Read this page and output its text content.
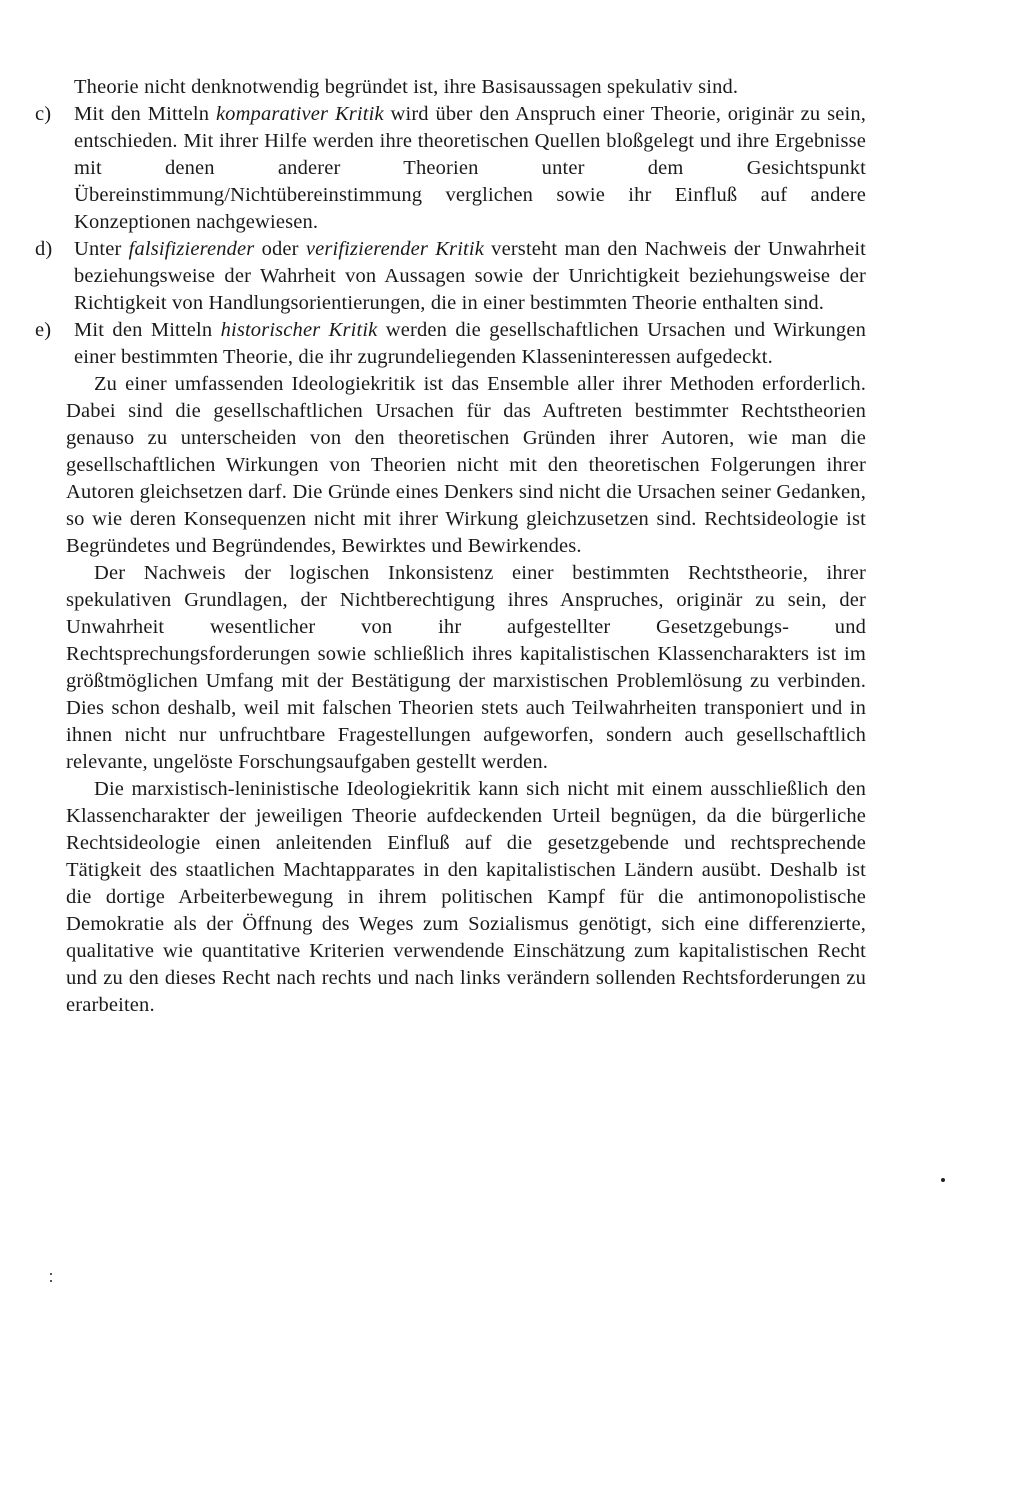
Theorie nicht denknotwendig begründet ist, ihre Basisaussagen spekulativ sind.

c) Mit den Mitteln komparativer Kritik wird über den Anspruch einer Theorie, originär zu sein, entschieden. Mit ihrer Hilfe werden ihre theoretischen Quellen bloßgelegt und ihre Ergebnisse mit denen anderer Theorien unter dem Gesichtspunkt Übereinstimmung/Nichtübereinstimmung verglichen sowie ihr Einfluß auf andere Konzeptionen nachgewiesen.

d) Unter falsifizierender oder verifizierender Kritik versteht man den Nachweis der Unwahrheit beziehungsweise der Wahrheit von Aussagen sowie der Unrichtigkeit beziehungsweise der Richtigkeit von Handlungsorientierungen, die in einer bestimmten Theorie enthalten sind.

e) Mit den Mitteln historischer Kritik werden die gesellschaftlichen Ursachen und Wirkungen einer bestimmten Theorie, die ihr zugrundeliegenden Klasseninteressen aufgedeckt.

Zu einer umfassenden Ideologiekritik ist das Ensemble aller ihrer Methoden erforderlich. Dabei sind die gesellschaftlichen Ursachen für das Auftreten bestimmter Rechtstheorien genauso zu unterscheiden von den theoretischen Gründen ihrer Autoren, wie man die gesellschaftlichen Wirkungen von Theorien nicht mit den theoretischen Folgerungen ihrer Autoren gleichsetzen darf. Die Gründe eines Denkers sind nicht die Ursachen seiner Gedanken, so wie deren Konsequenzen nicht mit ihrer Wirkung gleichzusetzen sind. Rechtsideologie ist Begründetes und Begründendes, Bewirktes und Bewirkendes.

Der Nachweis der logischen Inkonsistenz einer bestimmten Rechtstheorie, ihrer spekulativen Grundlagen, der Nichtberechtigung ihres Anspruches, originär zu sein, der Unwahrheit wesentlicher von ihr aufgestellter Gesetzgebungs- und Rechtsprechungsforderungen sowie schließlich ihres kapitalistischen Klassencharakters ist im größtmöglichen Umfang mit der Bestätigung der marxistischen Problemlösung zu verbinden. Dies schon deshalb, weil mit falschen Theorien stets auch Teilwahrheiten transponiert und in ihnen nicht nur unfruchtbare Fragestellungen aufgeworfen, sondern auch gesellschaftlich relevante, ungelöste Forschungsaufgaben gestellt werden.

Die marxistisch-leninistische Ideologiekritik kann sich nicht mit einem ausschließlich den Klassencharakter der jeweiligen Theorie aufdeckenden Urteil begnügen, da die bürgerliche Rechtsideologie einen anleitenden Einfluß auf die gesetzgebende und rechtsprechende Tätigkeit des staatlichen Machtapparates in den kapitalistischen Ländern ausübt. Deshalb ist die dortige Arbeiterbewegung in ihrem politischen Kampf für die antimonopolistische Demokratie als der Öffnung des Weges zum Sozialismus genötigt, sich eine differenzierte, qualitative wie quantitative Kriterien verwendende Einschätzung zum kapitalistischen Recht und zu den dieses Recht nach rechts und nach links verändern sollenden Rechtsforderungen zu erarbeiten.
